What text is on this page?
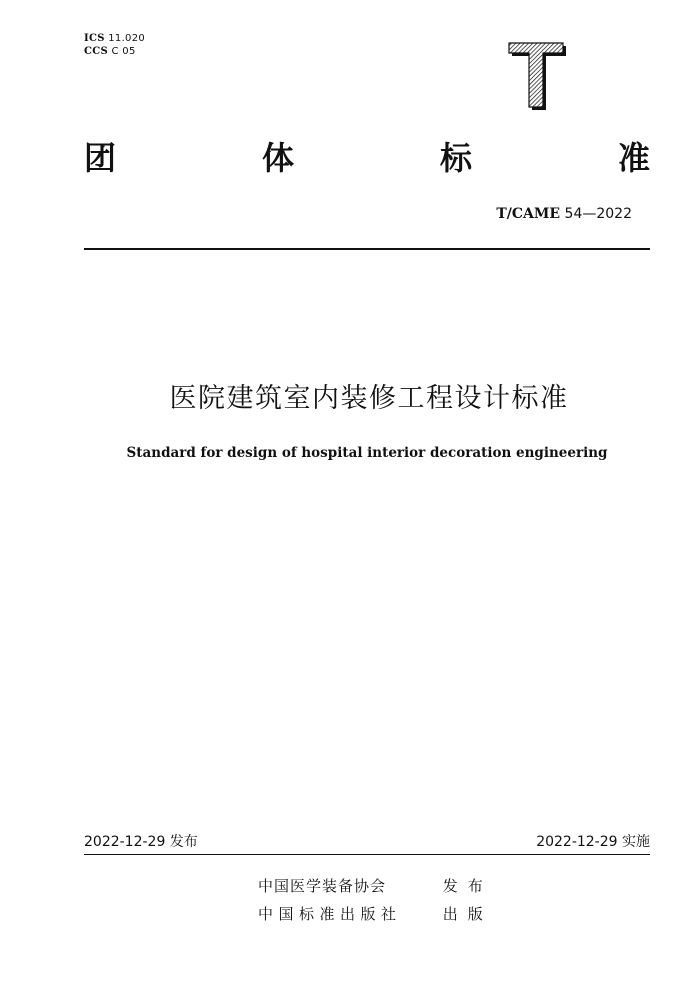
ICS 11.020
CCS C 05
团	体	标	准
T/CAME 54—2022
医院建筑室内装修工程设计标准
Standard for design of hospital interior decoration engineering
2022-12-29 发布	2022-12-29 实施
中国医学装备协会	发布
中国标准出版社	出版
